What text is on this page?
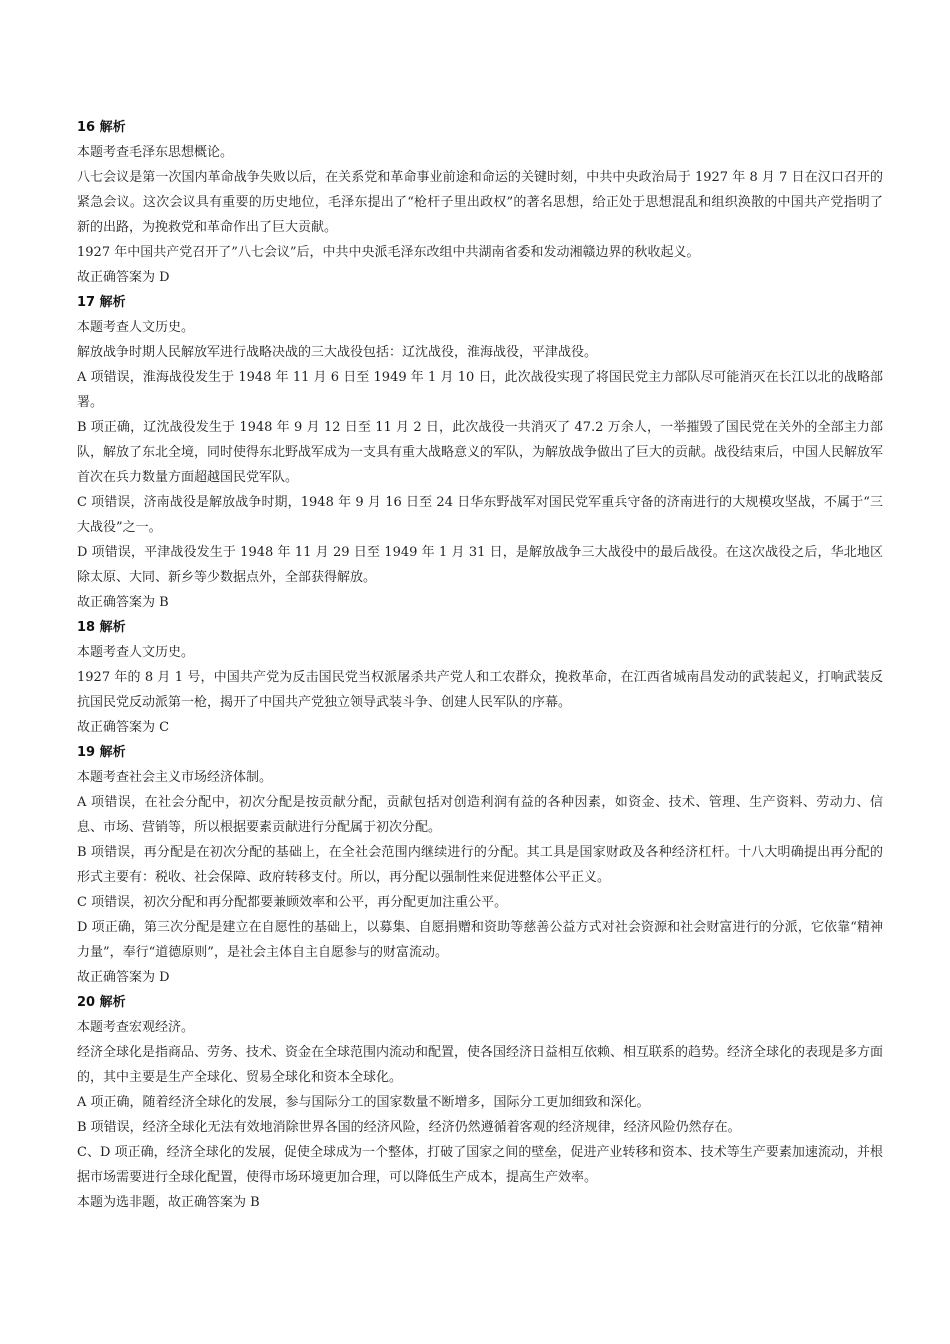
16 解析

本题考查毛泽东思想概论。

八七会议是第一次国内革命战争失败以后，在关系党和革命事业前途和命运的关键时刻，中共中央政治局于 1927 年 8 月 7 日在汉口召开的紧急会议。这次会议具有重要的历史地位，毛泽东提出了“枪杆子里出政权”的著名思想，给正处于思想混乱和组织涣散的中国共产党指明了新的出路，为挽救党和革命作出了巨大贡献。

1927 年中国共产党召开了”八七会议”后，中共中央派毛泽东改组中共湖南省委和发动湘赣边界的秋收起义。

故正确答案为 D

17 解析

本题考查人文历史。

解放战争时期人民解放军进行战略决战的三大战役包括：辽沈战役，淮海战役，平津战役。

A 项错误，淮海战役发生于 1948 年 11 月 6 日至 1949 年 1 月 10 日，此次战役实现了将国民党主力部队尽可能消灭在长江以北的战略部署。

B 项正确，辽沈战役发生于 1948 年 9 月 12 日至 11 月 2 日，此次战役一共消灭了 47.2 万余人，一举摧毁了国民党在关外的全部主力部队，解放了东北全境，同时使得东北野战军成为一支具有重大战略意义的军队，为解放战争做出了巨大的贡献。战役结束后，中国人民解放军首次在兵力数量方面超越国民党军队。

C 项错误，济南战役是解放战争时期，1948 年 9 月 16 日至 24 日华东野战军对国民党军重兵守备的济南进行的大规模攻坚战，不属于“三大战役”之一。

D 项错误，平津战役发生于 1948 年 11 月 29 日至 1949 年 1 月 31 日，是解放战争三大战役中的最后战役。在这次战役之后，华北地区除太原、大同、新乡等少数据点外，全部获得解放。

故正确答案为 B

18 解析

本题考查人文历史。

1927 年的 8 月 1 号，中国共产党为反击国民党当权派屠杀共产党人和工农群众，挽救革命，在江西省城南昌发动的武装起义，打响武装反抗国民党反动派第一枪，揭开了中国共产党独立领导武装斗争、创建人民军队的序幕。

故正确答案为 C

19 解析

本题考查社会主义市场经济体制。

A 项错误，在社会分配中，初次分配是按贡献分配，贡献包括对创造利润有益的各种因素，如资金、技术、管理、生产资料、劳动力、信息、市场、营销等，所以根据要素贡献进行分配属于初次分配。

B 项错误，再分配是在初次分配的基础上，在全社会范围内继续进行的分配。其工具是国家财政及各种经济杠杆。十八大明确提出再分配的形式主要有：税收、社会保障、政府转移支付。所以，再分配以强制性来促进整体公平正义。

C 项错误，初次分配和再分配都要兼顾效率和公平，再分配更加注重公平。

D 项正确，第三次分配是建立在自愿性的基础上，以募集、自愿捐赠和资助等慈善公益方式对社会资源和社会财富进行的分派，它依靠“精神力量”，奉行“道德原则”，是社会主体自主自愿参与的财富流动。

故正确答案为 D

20 解析

本题考查宏观经济。

经济全球化是指商品、劳务、技术、资金在全球范围内流动和配置，使各国经济日益相互依赖、相互联系的趋势。经济全球化的表现是多方面的，其中主要是生产全球化、贸易全球化和资本全球化。

A 项正确，随着经济全球化的发展，参与国际分工的国家数量不断增多，国际分工更加细致和深化。

B 项错误，经济全球化无法有效地消除世界各国的经济风险，经济仍然遵循着客观的经济规律，经济风险仍然存在。

C、D 项正确，经济全球化的发展，促使全球成为一个整体，打破了国家之间的壁垒，促进产业转移和资本、技术等生产要素加速流动，并根据市场需要进行全球化配置，使得市场环境更加合理，可以降低生产成本，提高生产效率。

本题为选非题，故正确答案为 B
